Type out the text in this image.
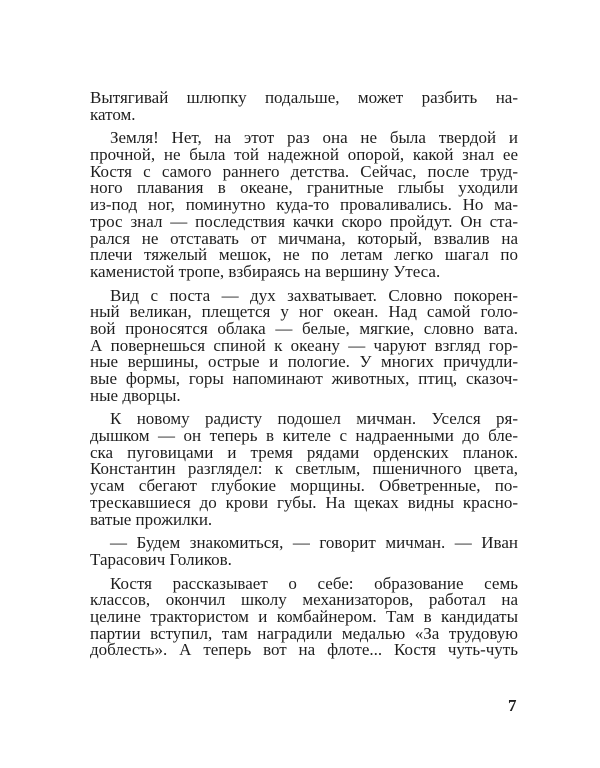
Вытягивай шлюпку подальше, может разбить на-
катом.
Земля! Нет, на этот раз она не была твердой и
прочной, не была той надежной опорой, какой знал ее
Костя с самого раннего детства. Сейчас, после труд-
ного плавания в океане, гранитные глыбы уходили
из-под ног, поминутно куда-то проваливались. Но ма-
трос знал — последствия качки скоро пройдут. Он ста-
рался не отставать от мичмана, который, взвалив на
плечи тяжелый мешок, не по летам легко шагал по
каменистой тропе, взбираясь на вершину Утеса.
Вид с поста — дух захватывает. Словно покорен-
ный великан, плещется у ног океан. Над самой голо-
вой проносятся облака — белые, мягкие, словно вата.
А повернешься спиной к океану — чаруют взгляд гор-
ные вершины, острые и пологие. У многих причудли-
вые формы, горы напоминают животных, птиц, сказоч-
ные дворцы.
К новому радисту подошел мичман. Уселся ря-
дышком — он теперь в кителе с надраенными до бле-
ска пуговицами и тремя рядами орденских планок.
Константин разглядел: к светлым, пшеничного цвета,
усам сбегают глубокие морщины. Обветренные, по-
трескавшиеся до крови губы. На щеках видны красно-
ватые прожилки.
— Будем знакомиться, — говорит мичман. — Иван
Тарасович Голиков.
Костя рассказывает о себе: образование семь
классов, окончил школу механизаторов, работал на
целине трактористом и комбайнером. Там в кандидаты
партии вступил, там наградили медалью «За трудовую
доблесть». А теперь вот на флоте... Костя чуть-чуть
7
